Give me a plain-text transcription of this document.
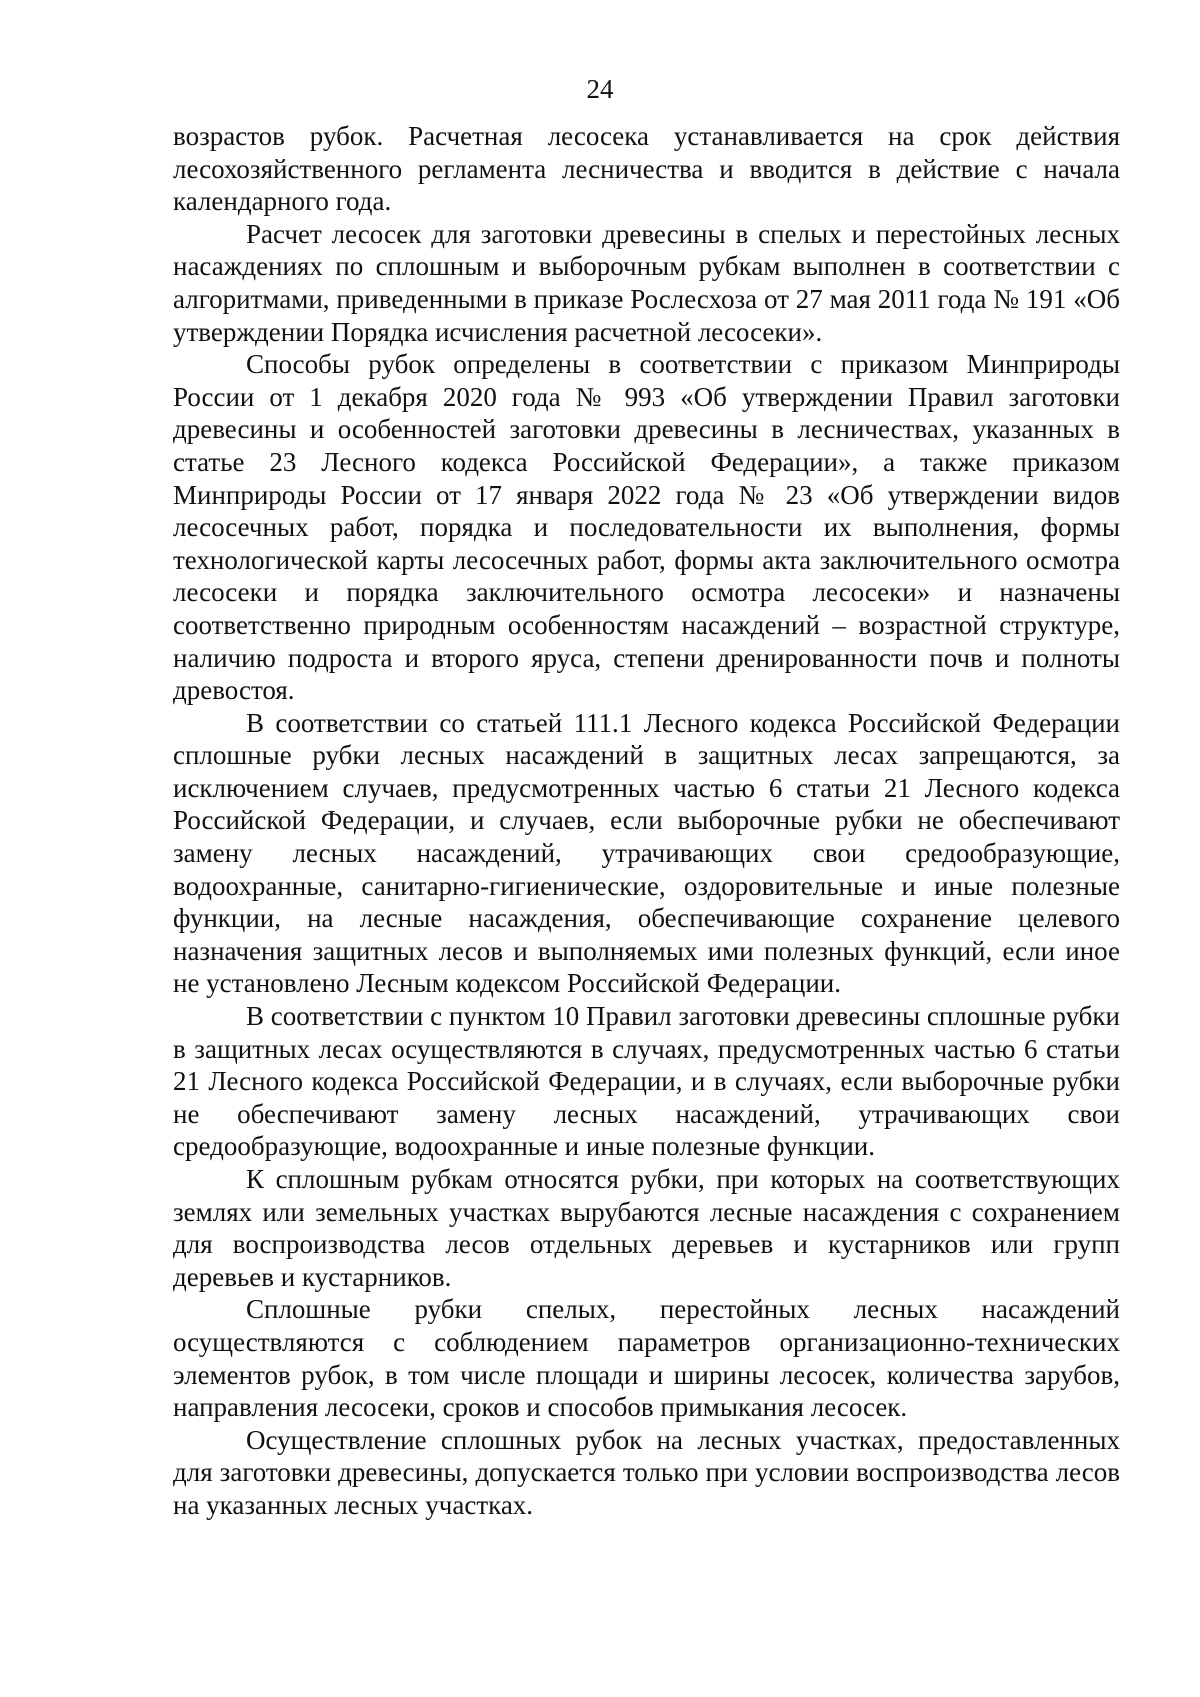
24

возрастов рубок. Расчетная лесосека устанавливается на срок действия лесохозяйственного регламента лесничества и вводится в действие с начала календарного года.

Расчет лесосек для заготовки древесины в спелых и перестойных лесных насаждениях по сплошным и выборочным рубкам выполнен в соответствии с алгоритмами, приведенными в приказе Рослесхоза от 27 мая 2011 года № 191 «Об утверждении Порядка исчисления расчетной лесосеки».

Способы рубок определены в соответствии с приказом Минприроды России от 1 декабря 2020 года № 993 «Об утверждении Правил заготовки древесины и особенностей заготовки древесины в лесничествах, указанных в статье 23 Лесного кодекса Российской Федерации», а также приказом Минприроды России от 17 января 2022 года № 23 «Об утверждении видов лесосечных работ, порядка и последовательности их выполнения, формы технологической карты лесосечных работ, формы акта заключительного осмотра лесосеки и порядка заключительного осмотра лесосеки» и назначены соответственно природным особенностям насаждений – возрастной структуре, наличию подроста и второго яруса, степени дренированности почв и полноты древостоя.

В соответствии со статьей 111.1 Лесного кодекса Российской Федерации сплошные рубки лесных насаждений в защитных лесах запрещаются, за исключением случаев, предусмотренных частью 6 статьи 21 Лесного кодекса Российской Федерации, и случаев, если выборочные рубки не обеспечивают замену лесных насаждений, утрачивающих свои средообразующие, водоохранные, санитарно-гигиенические, оздоровительные и иные полезные функции, на лесные насаждения, обеспечивающие сохранение целевого назначения защитных лесов и выполняемых ими полезных функций, если иное не установлено Лесным кодексом Российской Федерации.

В соответствии с пунктом 10 Правил заготовки древесины сплошные рубки в защитных лесах осуществляются в случаях, предусмотренных частью 6 статьи 21 Лесного кодекса Российской Федерации, и в случаях, если выборочные рубки не обеспечивают замену лесных насаждений, утрачивающих свои средообразующие, водоохранные и иные полезные функции.

К сплошным рубкам относятся рубки, при которых на соответствующих землях или земельных участках вырубаются лесные насаждения с сохранением для воспроизводства лесов отдельных деревьев и кустарников или групп деревьев и кустарников.

Сплошные рубки спелых, перестойных лесных насаждений осуществляются с соблюдением параметров организационно-технических элементов рубок, в том числе площади и ширины лесосек, количества зарубов, направления лесосеки, сроков и способов примыкания лесосек.

Осуществление сплошных рубок на лесных участках, предоставленных для заготовки древесины, допускается только при условии воспроизводства лесов на указанных лесных участках.
